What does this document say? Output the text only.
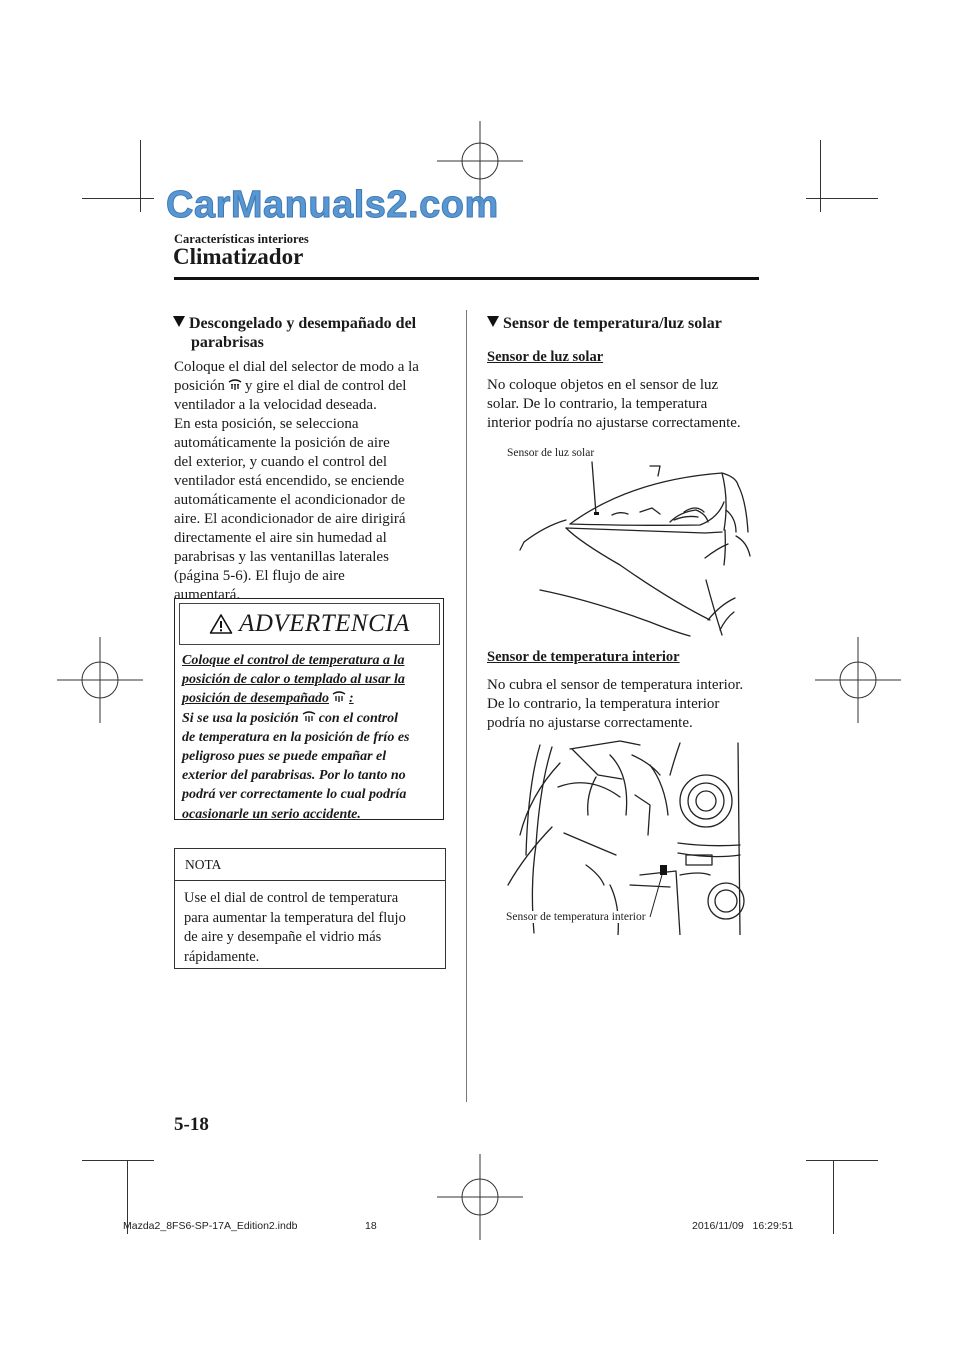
CarManuals2.com
Características interiores
Climatizador
Descongelado y desempañado del
parabrisas
Coloque el dial del selector de modo a la
posición y gire el dial de control del
ventilador a la velocidad deseada.
En esta posición, se selecciona
automáticamente la posición de aire
del exterior, y cuando el control del
ventilador está encendido, se enciende
automáticamente el acondicionador de
aire. El acondicionador de aire dirigirá
directamente el aire sin humedad al
parabrisas y las ventanillas laterales
(página 5-6). El flujo de aire
aumentará.
ADVERTENCIA
Coloque el control de temperatura a la
posición de calor o templado al usar la
posición de desempañado :
Si se usa la posición con el control
de temperatura en la posición de frío es
peligroso pues se puede empañar el
exterior del parabrisas. Por lo tanto no
podrá ver correctamente lo cual podría
ocasionarle un serio accidente.
NOTA
Use el dial de control de temperatura
para aumentar la temperatura del flujo
de aire y desempañe el vidrio más
rápidamente.
Sensor de temperatura/luz solar
Sensor de luz solar
No coloque objetos en el sensor de luz
solar. De lo contrario, la temperatura
interior podría no ajustarse correctamente.
Sensor de luz solar
Sensor de temperatura interior
No cubra el sensor de temperatura interior.
De lo contrario, la temperatura interior
podría no ajustarse correctamente.
Sensor de temperatura interior
5-18
Mazda2_8FS6-SP-17A_Edition2.indb	18	2016/11/09   16:29:51
